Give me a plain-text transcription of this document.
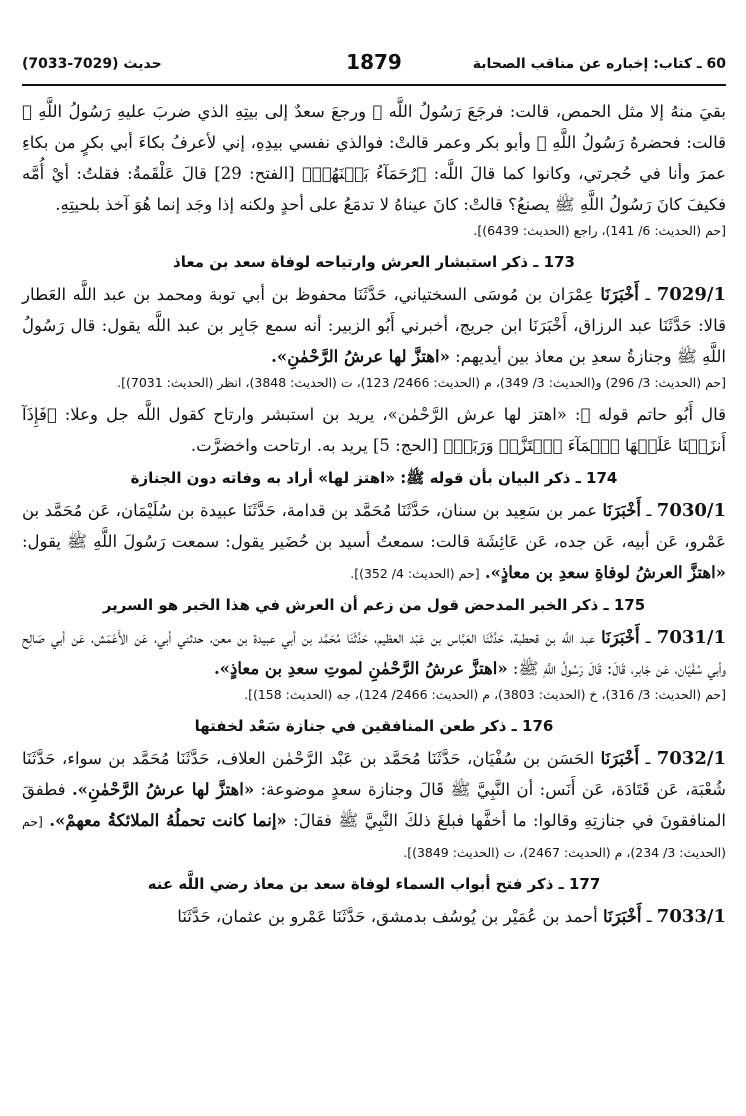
60 ـ كتاب: إخباره عن مناقب الصحابة
1879
حديث (7029-7033)

بقيَ منهُ إلا مثل الحمص، قالت: فرجَعَ رَسُولُ اللَّه ﷺ ورجعَ سعدٌ إلى بيتِهِ الذي ضربَ عليهِ رَسُولُ اللَّهِ ﷺ قالت: فحضرهُ رَسُولُ اللَّهِ ﷺ وأبو بكر وعمر قالتْ: فوالذي نفسي بيدِهِ، إني لأعرفُ بكاءَ أبي بكرٍ من بكاءِ عمرَ وأنا في حُجرتي، وكانوا كما قالَ اللَّه: ﴿رُحَمَآءُ بَيۡنَهُمۡ﴾ [الفتح: 29] قالَ عَلْقَمةُ: فقلتُ: أيْ أُمَّه فكيفَ كانَ رَسُولُ اللَّهِ ﷺ يصنعُ؟ قالتْ: كانَ عيناهُ لا تدمَعُ على أحدٍ ولكنه إذا وجَد إنما هُوَ آخذ بلحيتِهِ.

[حم (الحديث: 6/ 141)، راجع (الحديث: 6439)].

173 ـ ذكر استبشار العرش وارتياحه لوفاة سعد بن معاذ

7029/1 ـ أَخْبَرَنَا عِمْرَان بن مُوسَى السختياني، حَدَّثَنَا محفوظ بن أبي توبة ومحمد بن عبد اللَّه العَطار قالا: حَدَّثَنَا عبد الرزاق، أَخْبَرَنَا ابن جريج، أخبرني أَبُو الزبير: أنه سمع جَابِر بن عبد اللَّه يقول: قال رَسُولُ اللَّهِ ﷺ وجنازةُ سعدِ بن معاذ بين أيديهم: «اهتزَّ لها عرشُ الرَّحْمٰنِ».

[حم (الحديث: 3/ 296) و(الحديث: 3/ 349)، م (الحديث: 2466/ 123)، ت (الحديث: 3848)، انظر (الحديث: 7031)].

قال أَبُو حاتم قوله ﷺ: «اهتز لها عرش الرَّحْمٰن»، يريد بن استبشر وارتاح كقول اللَّه جل وعلا: ﴿فَإِذَآ أَنزَلۡنَا عَلَيۡهَا ٱلۡمَآءَ ٱهۡتَزَّتۡ وَرَبَتۡ﴾ [الحج: 5] يريد به. ارتاحت واخضرَّت.

174 ـ ذكر البيان بأن قوله ﷺ: «اهتز لها» أراد به وفاته دون الجنازة

7030/1 ـ أَخْبَرَنَا عمر بن سَعِيد بن سنان، حَدَّثَنَا مُحَمَّد بن قدامة، حَدَّثَنَا عبيدة بن سُلَيْمَان، عَن مُحَمَّد بن عَمْرو، عَن أبيه، عَن جده، عَن عَائِشَة قالت: سمعتُ أسيد بن حُضَير يقول: سمعت رَسُولَ اللَّهِ ﷺ يقول: «اهتزَّ العرشُ لوفاةِ سعدِ بن معاذٍ». [حم (الحديث: 4/ 352)].

175 ـ ذكر الخبر المدحض قول من زعم أن العرش في هذا الخبر هو السرير

7031/1 ـ أَخْبَرَنَا عبد اللَّه بن قحطبة، حَدَّثَنَا العَبَّاس بن عَبْد العظيم، حَدَّثَنَا مُحَمَّد بن أبي عبيدة بن معن، حدثني أبي، عَن الأَعْمَش، عَن أبي صَالِح وأبي سُفْيَان، عَن جَابر، قَالَ: قَالَ رَسُولُ اللَّهِ ﷺ: «اهتزَّ عرشُ الرَّحْمٰنِ لموتِ سعدِ بن معاذٍ».

[حم (الحديث: 3/ 316)، خ (الحديث: 3803)، م (الحديث: 2466/ 124)، جه (الحديث: 158)].

176 ـ ذكر طعن المنافقين في جنازة سَعْد لخفتها

7032/1 ـ أَخْبَرَنَا الحَسَن بن سُفْيَان، حَدَّثَنَا مُحَمَّد بن عَبْد الرَّحْمٰن العلاف، حَدَّثَنَا مُحَمَّد بن سواء، حَدَّثَنَا شُعْبَة، عَن قَتَادَة، عَن أَنَس: أن النَّبِيَّ ﷺ قَالَ وجنازة سعدٍ موضوعة: «اهتزَّ لها عرشُ الرَّحْمٰنِ». فطفقَ المنافقونَ في جنازتِهِ وقالوا: ما أخفَّها فبلغَ ذلكَ النَّبِيَّ ﷺ فقالَ: «إنما كانت تحملُهُ الملائكةُ معهمْ». [حم (الحديث: 3/ 234)، م (الحديث: 2467)، ت (الحديث: 3849)].

177 ـ ذكر فتح أبواب السماء لوفاة سعد بن معاذ رضي اللَّه عنه

7033/1 ـ أَخْبَرَنَا أحمد بن عُمَيْر بن يُوسُف بدمشق، حَدَّثَنَا عَمْرو بن عثمان، حَدَّثَنَا
